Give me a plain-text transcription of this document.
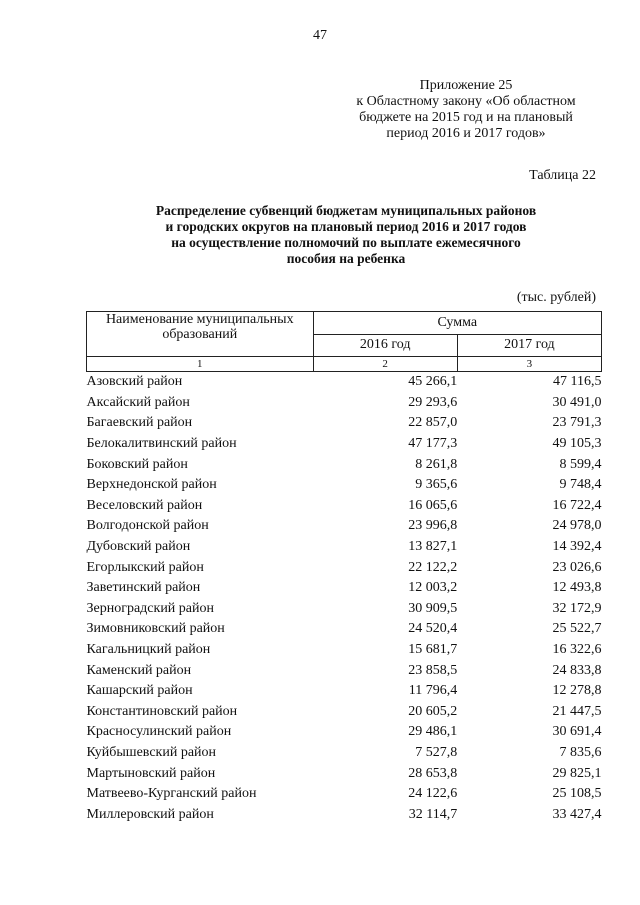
47
Приложение 25
к Областному закону «Об областном
бюджете на 2015 год и на плановый
период 2016 и 2017 годов»
Таблица 22
Распределение субвенций бюджетам муниципальных районов
и городских округов на плановый период 2016 и 2017 годов
на осуществление полномочий по выплате ежемесячного
пособия на ребенка
(тыс. рублей)
Наименование муниципальных образований	Сумма	
	2016 год	2017 год
1	2	3
Азовский район	45 266,1	47 116,5
Аксайский район	29 293,6	30 491,0
Багаевский район	22 857,0	23 791,3
Белокалитвинский район	47 177,3	49 105,3
Боковский район	8 261,8	8 599,4
Верхнедонской район	9 365,6	9 748,4
Веселовский район	16 065,6	16 722,4
Волгодонской район	23 996,8	24 978,0
Дубовский район	13 827,1	14 392,4
Егорлыкский район	22 122,2	23 026,6
Заветинский район	12 003,2	12 493,8
Зерноградский район	30 909,5	32 172,9
Зимовниковский район	24 520,4	25 522,7
Кагальницкий район	15 681,7	16 322,6
Каменский район	23 858,5	24 833,8
Кашарский район	11 796,4	12 278,8
Константиновский район	20 605,2	21 447,5
Красносулинский район	29 486,1	30 691,4
Куйбышевский район	7 527,8	7 835,6
Мартыновский район	28 653,8	29 825,1
Матвеево-Курганский район	24 122,6	25 108,5
Миллеровский район	32 114,7	33 427,4
